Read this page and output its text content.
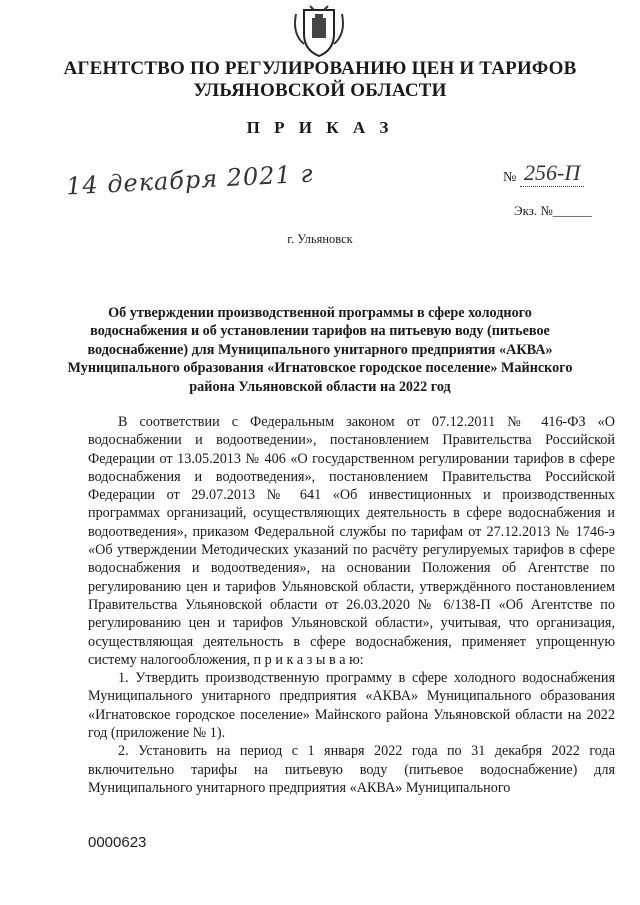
АГЕНТСТВО ПО РЕГУЛИРОВАНИЮ ЦЕН И ТАРИФОВ
УЛЬЯНОВСКОЙ ОБЛАСТИ
П Р И К А З
14 декабря 2021 г	№ 256-П
Экз. №______
г. Ульяновск
Об утверждении производственной программы в сфере холодного водоснабжения и об установлении тарифов на питьевую воду (питьевое водоснабжение) для Муниципального унитарного предприятия «АКВА» Муниципального образования «Игнатовское городское поселение» Майнского района Ульяновской области на 2022 год

В соответствии с Федеральным законом от 07.12.2011 № 416-ФЗ «О водоснабжении и водоотведении», постановлением Правительства Российской Федерации от 13.05.2013 № 406 «О государственном регулировании тарифов в сфере водоснабжения и водоотведения», постановлением Правительства Российской Федерации от 29.07.2013 № 641 «Об инвестиционных и производственных программах организаций, осуществляющих деятельность в сфере водоснабжения и водоотведения», приказом Федеральной службы по тарифам от 27.12.2013 № 1746-э «Об утверждении Методических указаний по расчёту регулируемых тарифов в сфере водоснабжения и водоотведения», на основании Положения об Агентстве по регулированию цен и тарифов Ульяновской области, утверждённого постановлением Правительства Ульяновской области от 26.03.2020 № 6/138-П «Об Агентстве по регулированию цен и тарифов Ульяновской области», учитывая, что организация, осуществляющая деятельность в сфере водоснабжения, применяет упрощенную систему налогообложения, п р и к а з ы в а ю:

1. Утвердить производственную программу в сфере холодного водоснабжения Муниципального унитарного предприятия «АКВА» Муниципального образования «Игнатовское городское поселение» Майнского района Ульяновской области на 2022 год (приложение № 1).

2. Установить на период с 1 января 2022 года по 31 декабря 2022 года включительно тарифы на питьевую воду (питьевое водоснабжение) для Муниципального унитарного предприятия «АКВА» Муниципального

0000623
